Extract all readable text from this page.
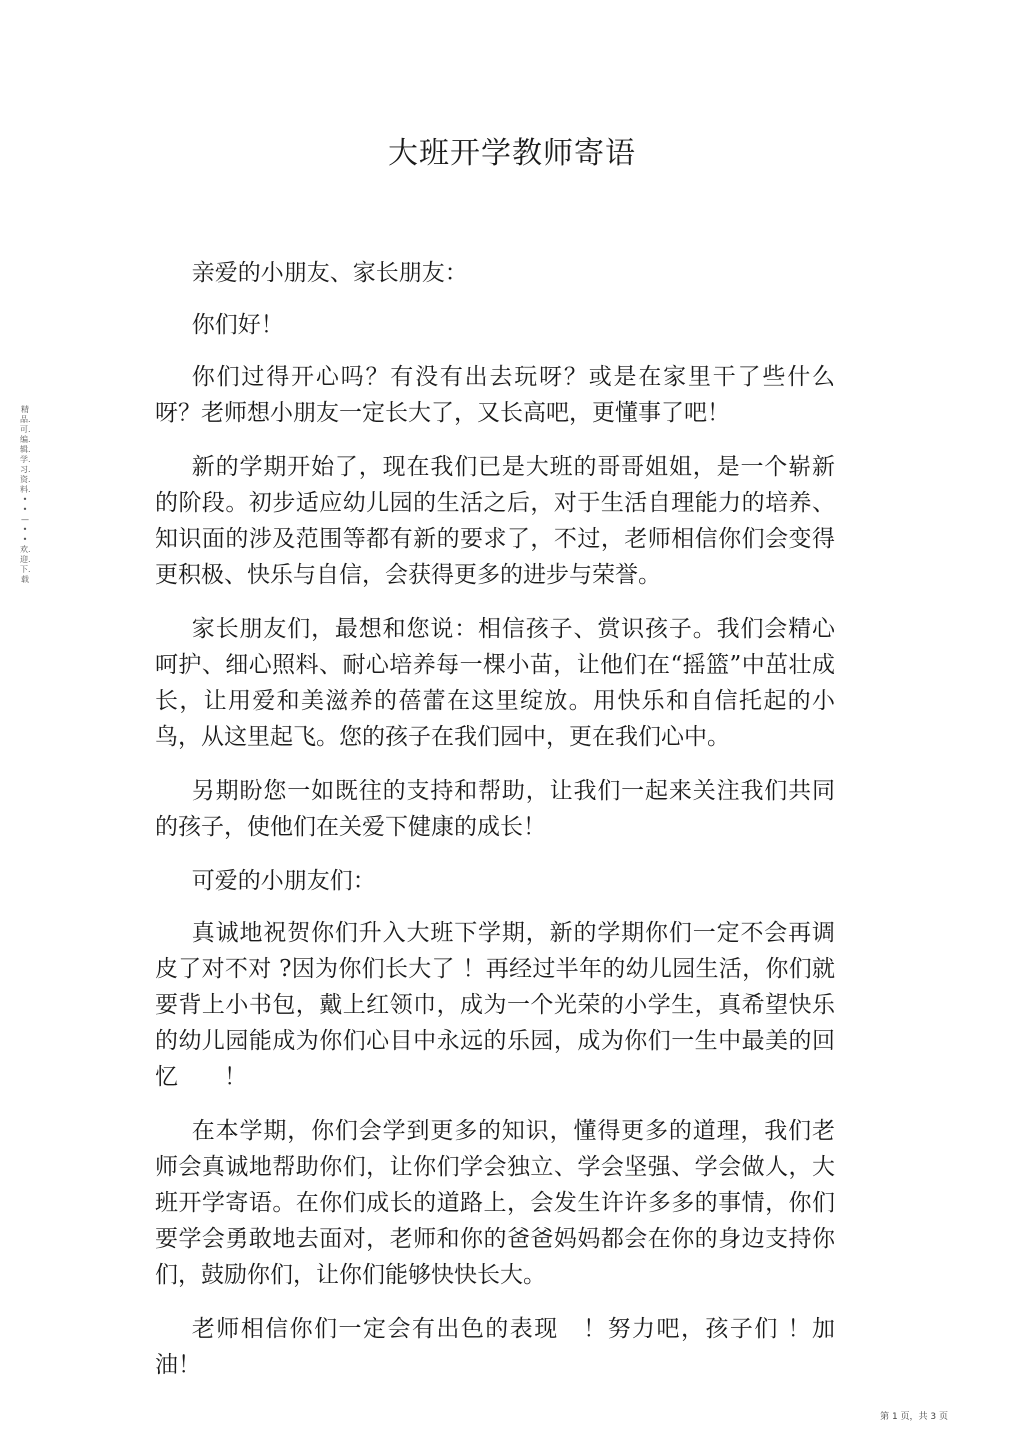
大班开学教师寄语
精品.可.编.辑.学.习.资.料.•　•—•　•　欢.迎.下.载

亲爱的小朋友、家长朋友：

你们好！

你们过得开心吗？有没有出去玩呀？或是在家里干了些什么呀？老师想小朋友一定长大了，又长高吧，更懂事了吧！

新的学期开始了，现在我们已是大班的哥哥姐姐，是一个崭新的阶段。初步适应幼儿园的生活之后，对于生活自理能力的培养、知识面的涉及范围等都有新的要求了，不过，老师相信你们会变得更积极、快乐与自信，会获得更多的进步与荣誉。

家长朋友们，最想和您说：相信孩子、赏识孩子。我们会精心呵护、细心照料、耐心培养每一棵小苗，让他们在“摇篮”中茁壮成长，让用爱和美滋养的蓓蕾在这里绽放。用快乐和自信托起的小鸟，从这里起飞。您的孩子在我们园中，更在我们心中。

另期盼您一如既往的支持和帮助，让我们一起来关注我们共同的孩子，使他们在关爱下健康的成长！

可爱的小朋友们：

真诚地祝贺你们升入大班下学期，新的学期你们一定不会再调皮了对不对 ?因为你们长大了 ！再经过半年的幼儿园生活，你们就要背上小书包，戴上红领巾，成为一个光荣的小学生，真希望快乐的幼儿园能成为你们心目中永远的乐园，成为你们一生中最美的回忆　　！

在本学期，你们会学到更多的知识，懂得更多的道理，我们老师会真诚地帮助你们，让你们学会独立、学会坚强、学会做人，大班开学寄语。在你们成长的道路上，会发生许许多多的事情，你们要学会勇敢地去面对，老师和你的爸爸妈妈都会在你的身边支持你们，鼓励你们，让你们能够快快长大。

老师相信你们一定会有出色的表现　！努力吧，孩子们 ！加油！

第 1 页，共 3 页
